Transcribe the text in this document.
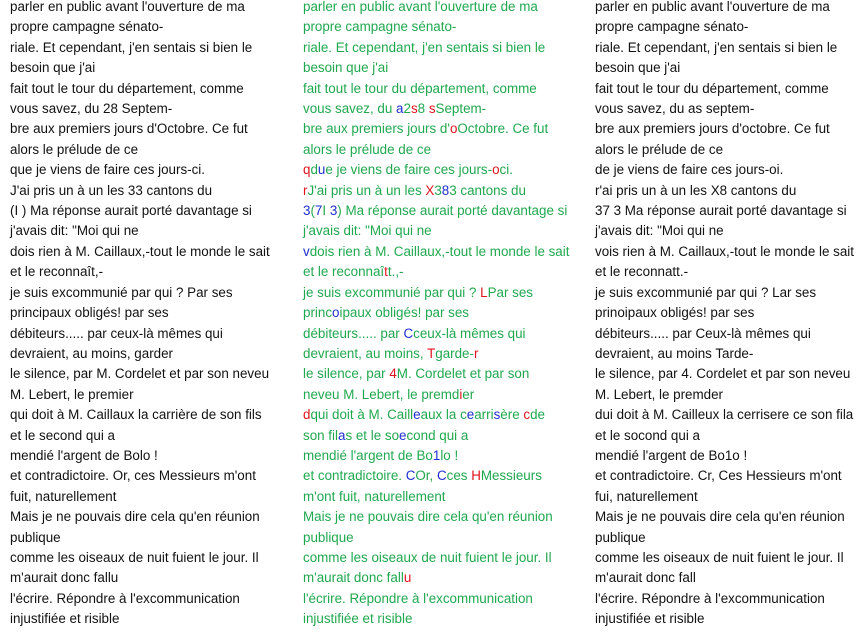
parler en public avant l'ouverture de ma

propre campagne sénato-

riale. Et cependant, j'en sentais si bien le

besoin que j'ai

fait tout le tour du département, comme

vous savez, du 28 Septem-

bre aux premiers jours d'Octobre. Ce fut

alors le prélude de ce

que je viens de faire ces jours-ci.

J'ai pris un à un les 33 cantons du

(I ) Ma réponse aurait porté davantage si

j'avais dit: "Moi qui ne

dois rien à M. Caillaux,-tout le monde le sait

et le reconnaît,-

je suis excommunié par qui ? Par ses

principaux obligés! par ses

débiteurs..... par ceux-là mêmes qui

devraient, au moins, garder

le silence, par M. Cordelet et par son neveu

M. Lebert, le premier

qui doit à M. Caillaux la carrière de son fils

et le second qui a

mendié l'argent de Bolo !

et contradictoire. Or, ces Messieurs m'ont

fuit, naturellement

Mais je ne pouvais dire cela qu'en réunion

publique

comme les oiseaux de nuit fuient le jour. Il

m'aurait donc fallu

l'écrire. Répondre à l'excommunication

injustifiée et risible

parler en public avant l'ouverture de ma

propre campagne sénato-

riale. Et cependant, j'en sentais si bien le

besoin que j'ai

fait tout le tour du département, comme

vous savez, du a2s8 sSeptem-

bre aux premiers jours d'oOctobre. Ce fut

alors le prélude de ce

qdue je viens de faire ces jours-oci.

rJ'ai pris un à un les X383 cantons du

3(7I 3) Ma réponse aurait porté davantage si

j'avais dit: "Moi qui ne

vdois rien à M. Caillaux,-tout le monde le sait

et le reconnaîtt.,-

je suis excommunié par qui ? LPar ses

princoipaux obligés! par ses

débiteurs..... par Cceux-là mêmes qui

devraient, au moins, Tgarde-r

le silence, par 4M. Cordelet et par son

neveu M. Lebert, le premdier

dqui doit à M. Cailleaux la cearrisère cde

son filas et le soecond qui a

mendié l'argent de Bo1lo !

et contradictoire. COr, Cces HMessieurs

m'ont fuit, naturellement

Mais je ne pouvais dire cela qu'en réunion

publique

comme les oiseaux de nuit fuient le jour. Il

m'aurait donc fallu

l'écrire. Répondre à l'excommunication

injustifiée et risible

parler en public avant l'ouverture de ma

propre campagne sénato-

riale. Et cependant, j'en sentais si bien le

besoin que j'ai

fait tout le tour du département, comme

vous savez, du as septem-

bre aux premiers jours d'octobre. Ce fut

alors le prélude de ce

de je viens de faire ces jours-oi.

r'ai pris un à un les X8 cantons du

37 3 Ma réponse aurait porté davantage si

j'avais dit: "Moi qui ne

vois rien à M. Caillaux,-tout le monde le sait

et le reconnatt.-

je suis excommunié par qui ? Lar ses

prinoipaux obligés! par ses

débiteurs..... par Ceux-là mêmes qui

devraient, au moins Tarde-

le silence, par 4. Cordelet et par son neveu

M. Lebert, le premder

dui doit à M. Cailleux la cerrisere ce son fila

et le socond qui a

mendié l'argent de Bo1o !

et contradictoire. Cr, Ces Hessieurs m'ont

fui, naturellement

Mais je ne pouvais dire cela qu'en réunion

publique

comme les oiseaux de nuit fuient le jour. Il

m'aurait donc fall

l'écrire. Répondre à l'excommunication

injustifiée et risible
